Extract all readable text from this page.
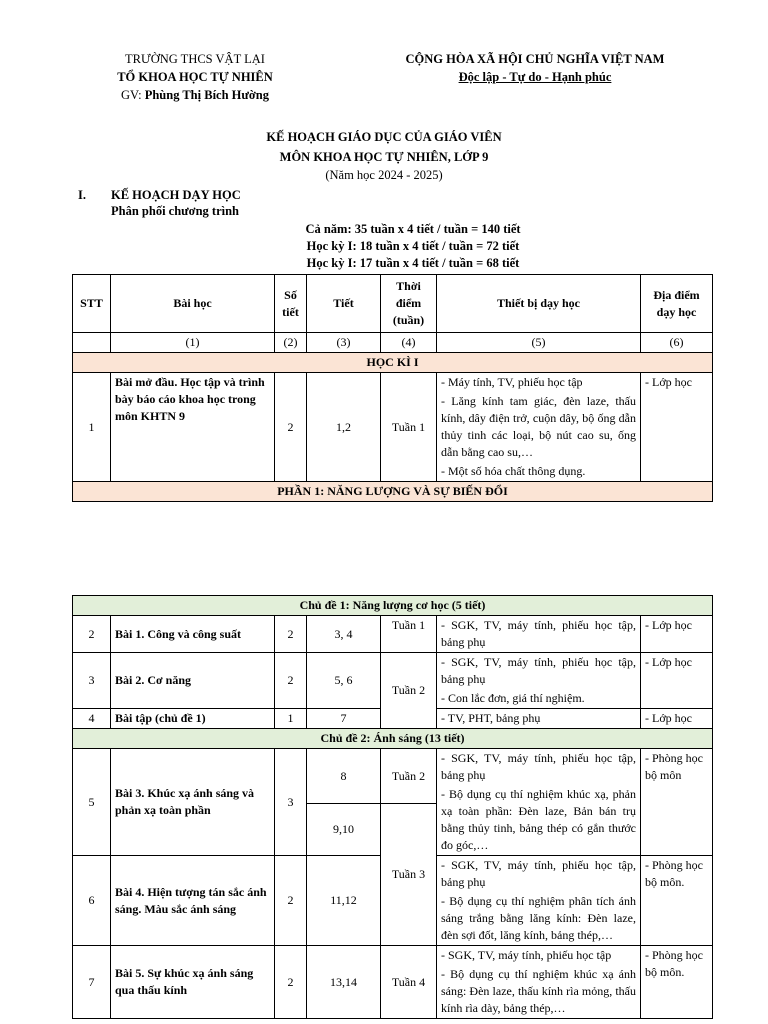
TRƯỜNG THCS VẬT LẠI
TỔ KHOA HỌC TỰ NHIÊN
GV: Phùng Thị Bích Hường
CỘNG HÒA XÃ HỘI CHỦ NGHĨA VIỆT NAM
Độc lập - Tự do - Hạnh phúc
KẾ HOẠCH GIÁO DỤC CỦA GIÁO VIÊN
MÔN KHOA HỌC TỰ NHIÊN, LỚP 9
(Năm học 2024 - 2025)
I. KẾ HOẠCH DẠY HỌC
Phân phối chương trình
Cả năm: 35 tuần x 4 tiết / tuần = 140 tiết
Học kỳ I: 18 tuần x 4 tiết / tuần = 72 tiết
Học kỳ I: 17 tuần x 4 tiết / tuần = 68 tiết
STT	Bài học	Số tiết	Tiết	Thời điểm (tuần)	Thiết bị dạy học	Địa điểm dạy học
	(1)	(2)	(3)	(4)	(5)	(6)
HỌC KÌ I						
1	Bài mở đầu. Học tập và trình bày báo cáo khoa học trong môn KHTN 9	2	1,2	Tuần 1	- Máy tính, TV, phiếu học tập

- Lăng kính tam giác, đèn laze, thấu kính, dây điện trở, cuộn dây, bộ ống dẫn thủy tinh các loại, bộ nút cao su, ống dẫn bằng cao su,…

- Một số hóa chất thông dụng.	- Lớp học
PHẦN 1: NĂNG LƯỢNG VÀ SỰ BIẾN ĐỔI						
Chủ đề 1: Năng lượng cơ học (5 tiết)						
2	Bài 1. Công và công suất	2	3, 4	Tuần 1	- SGK, TV, máy tính, phiếu học tập, bảng phụ	- Lớp học
3	Bài 2. Cơ năng	2	5, 6	Tuần 2	- SGK, TV, máy tính, phiếu học tập, bảng phụ

- Con lắc đơn, giá thí nghiệm.	- Lớp học
4	Bài tập (chủ đề 1)	1	7		- TV, PHT, bảng phụ	- Lớp học
Chủ đề 2: Ánh sáng (13 tiết)						
5	Bài 3. Khúc xạ ánh sáng và phản xạ toàn phần	3	8	Tuần 2	- SGK, TV, máy tính, phiếu học tập, bảng phụ

- Bộ dụng cụ thí nghiệm khúc xạ, phản xạ toàn phần: Đèn laze, Bản bán trụ bằng thủy tinh, bảng thép có gắn thước đo góc,…	- Phòng học bộ môn
			9,10	Tuần 3		
6	Bài 4. Hiện tượng tán sắc ánh sáng. Màu sắc ánh sáng	2	11,12		- SGK, TV, máy tính, phiếu học tập, bảng phụ

- Bộ dụng cụ thí nghiệm phân tích ánh sáng trắng bằng lăng kính: Đèn laze, đèn sợi đốt, lăng kính, bảng thép,…	- Phòng học bộ môn.
7	Bài 5. Sự khúc xạ ánh sáng qua thấu kính	2	13,14	Tuần 4	- SGK, TV, máy tính, phiếu học tập

- Bộ dụng cụ thí nghiệm khúc xạ ánh sáng: Đèn laze, thấu kính rìa mỏng, thấu kính rìa dày, bảng thép,…	- Phòng học bộ môn.
